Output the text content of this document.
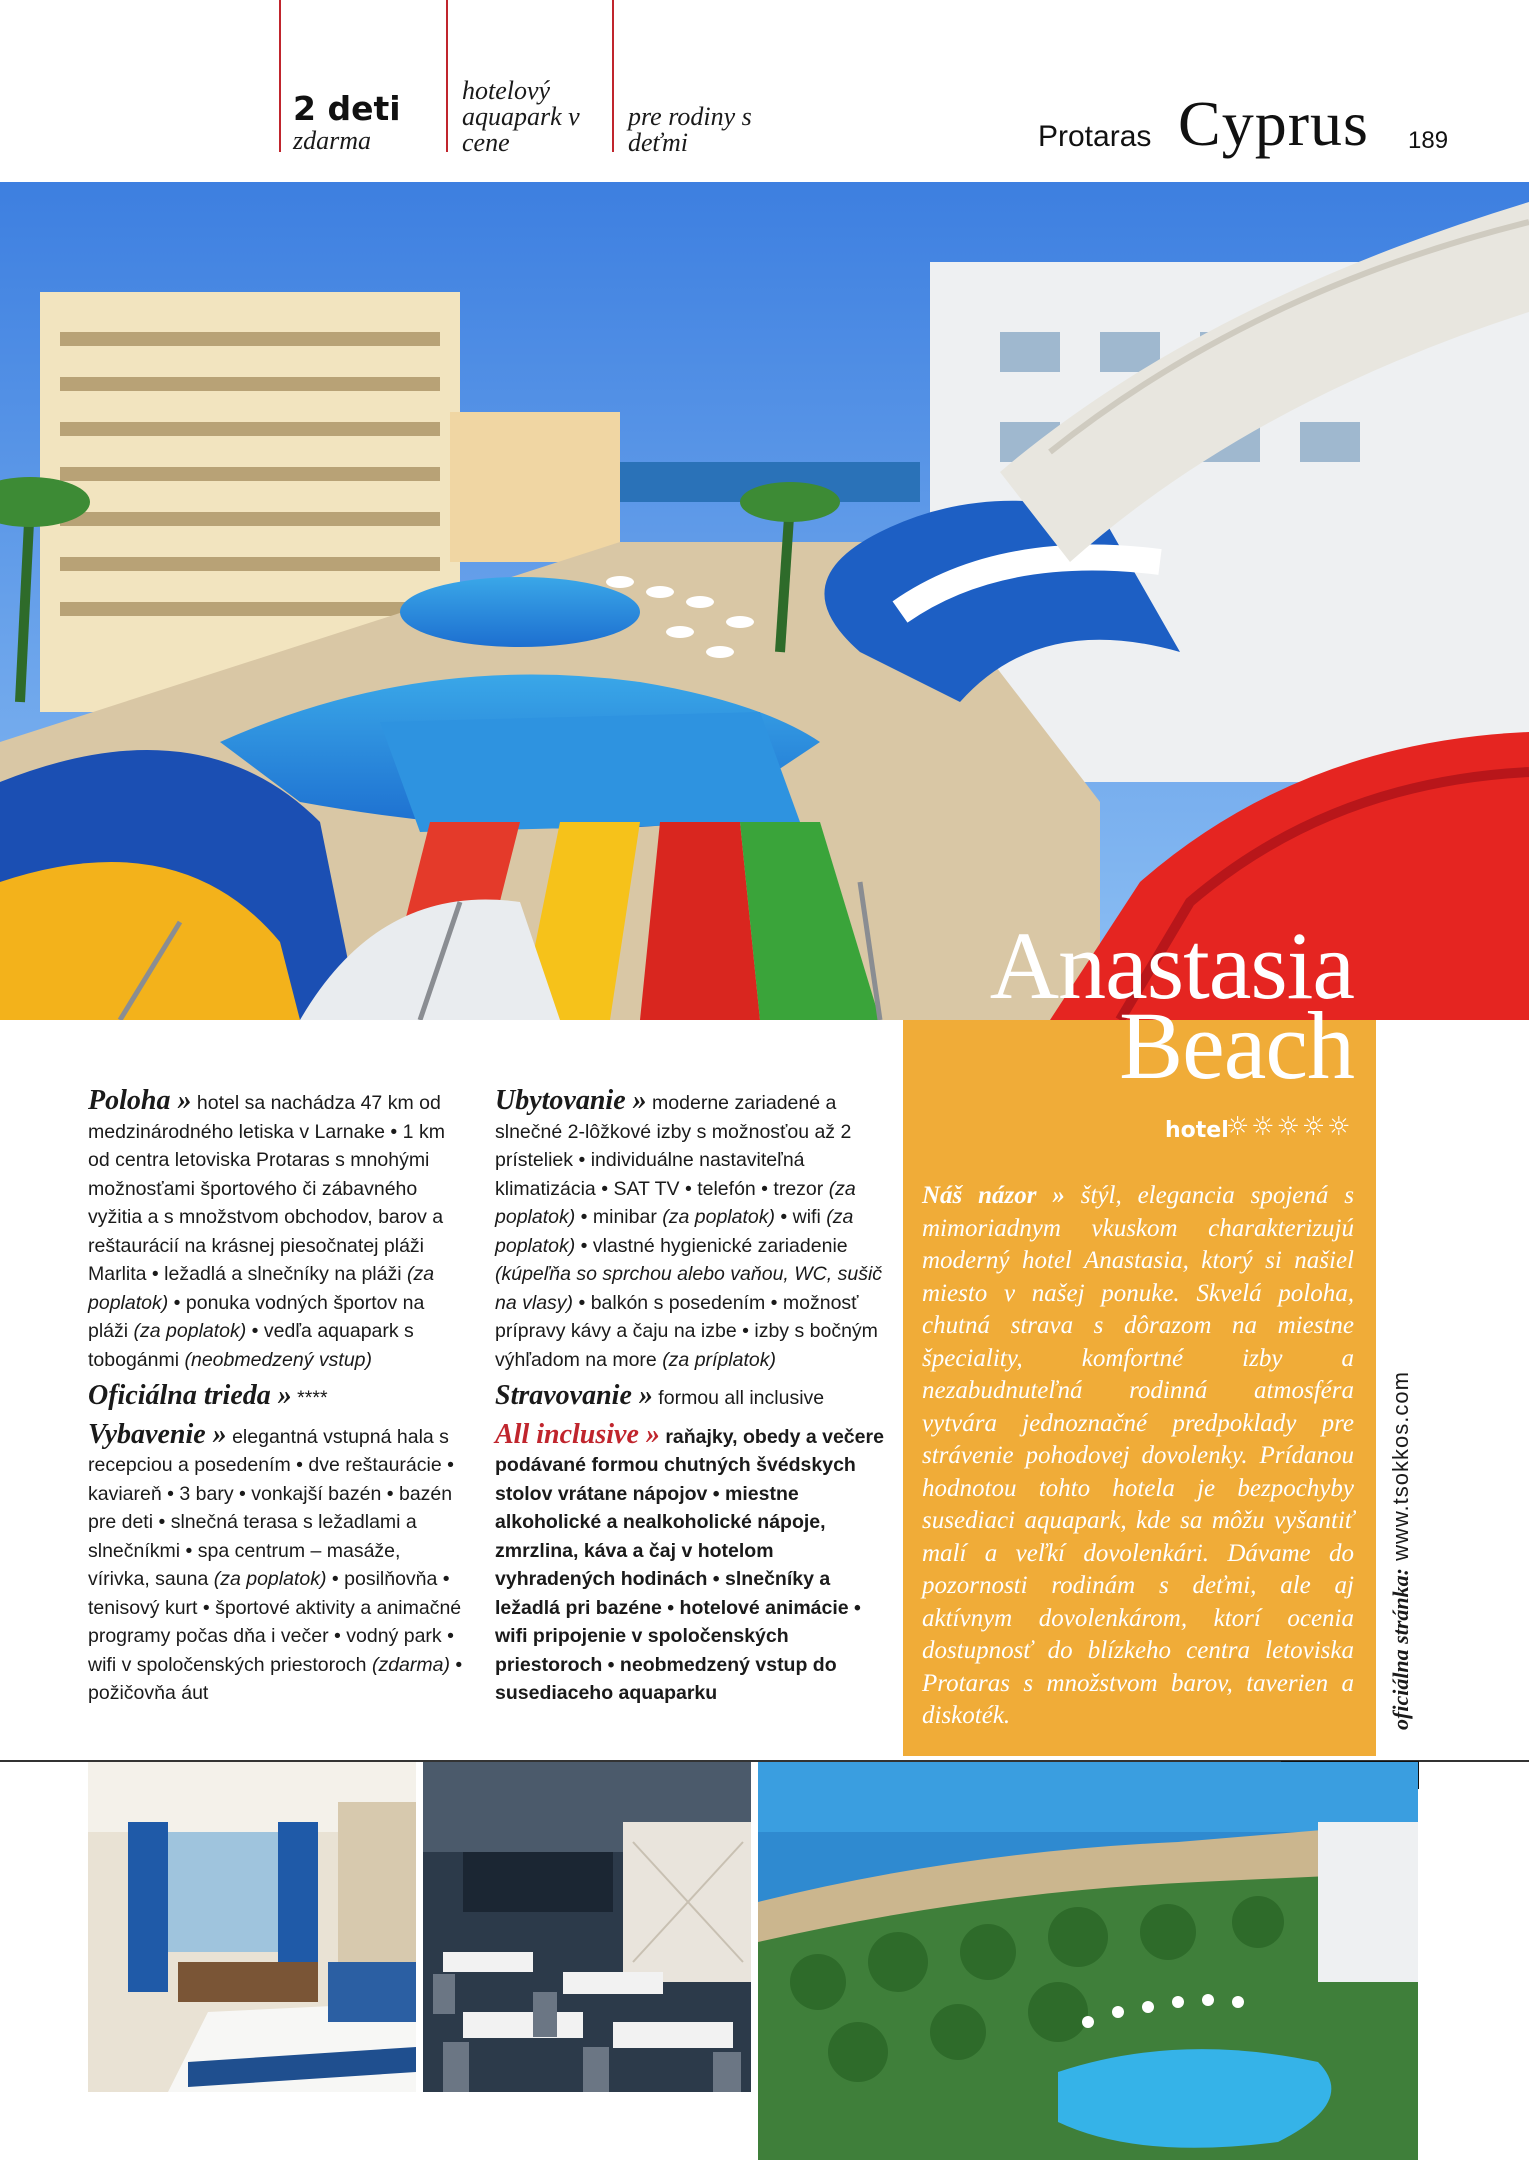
2 deti
zdarma
hotelový
aquapark v
cene
pre rodiny s
deťmi	Protaras Cyprus 189
Anastasia
Beach
hotel
☼☼☼☼☼
Náš názor » štýl, elegancia spojená s mimoriadnym vkuskom charakterizujú moderný hotel Anastasia, ktorý si našiel miesto v našej ponuke. Skvelá poloha, chutná strava s dôrazom na miestne špeciality, komfortné izby a nezabudnuteľná rodinná atmosféra vytvára jednoznačné predpoklady pre strávenie pohodovej dovolenky. Prídanou hodnotou tohto hotela je bezpochyby susediaci aquapark, kde sa môžu vyšantiť malí a veľkí dovolenkári. Dávame do pozornosti rodinám s deťmi, ale aj aktívnym dovolenkárom, ktorí ocenia dostupnosť do blízkeho centra letoviska Protaras s množstvom barov, taverien a diskoték.

Poloha » hotel sa nachádza 47 km od medzinárodného letiska v Larnake • 1 km od centra letoviska Protaras s mnohými možnosťami športového či zábavného vyžitia a s množstvom obchodov, barov a reštaurácií na krásnej piesočnatej pláži Marlita • ležadlá a slnečníky na pláži (za poplatok) • ponuka vodných športov na pláži (za poplatok) • vedľa aquapark s tobogánmi (neobmedzený vstup)

Oficiálna trieda » ****

Vybavenie » elegantná vstupná hala s recepciou a posedením • dve reštaurácie • kaviareň • 3 bary • vonkajší bazén • bazén pre deti • slnečná terasa s ležadlami a slnečníkmi • spa centrum – masáže, vírivka, sauna (za poplatok) • posilňovňa • tenisový kurt • športové aktivity a animačné programy počas dňa i večer • vodný park • wifi v spoločenských priestoroch (zdarma) • požičovňa áut

Ubytovanie » moderne zariadené a slnečné 2-lôžkové izby s možnosťou až 2 prísteliek • individuálne nastaviteľná klimatizácia • SAT TV • telefón • trezor (za poplatok) • minibar (za poplatok) • wifi (za poplatok) • vlastné hygienické zariadenie (kúpeľňa so sprchou alebo vaňou, WC, sušič na vlasy) • balkón s posedením • možnosť prípravy kávy a čaju na izbe • izby s bočným výhľadom na more (za príplatok)

Stravovanie » formou all inclusive

All inclusive » raňajky, obedy a večere podávané formou chutných švédskych stolov vrátane nápojov • miestne alkoholické a nealkoholické nápoje, zmrzlina, káva a čaj v hotelom vyhradených hodinách • slnečníky a ležadlá pri bazéne • hotelové animácie • wifi pripojenie v spoločenských priestoroch • neobmedzený vstup do susediaceho aquaparku	oficiálna stránka: www.tsokkos.com
